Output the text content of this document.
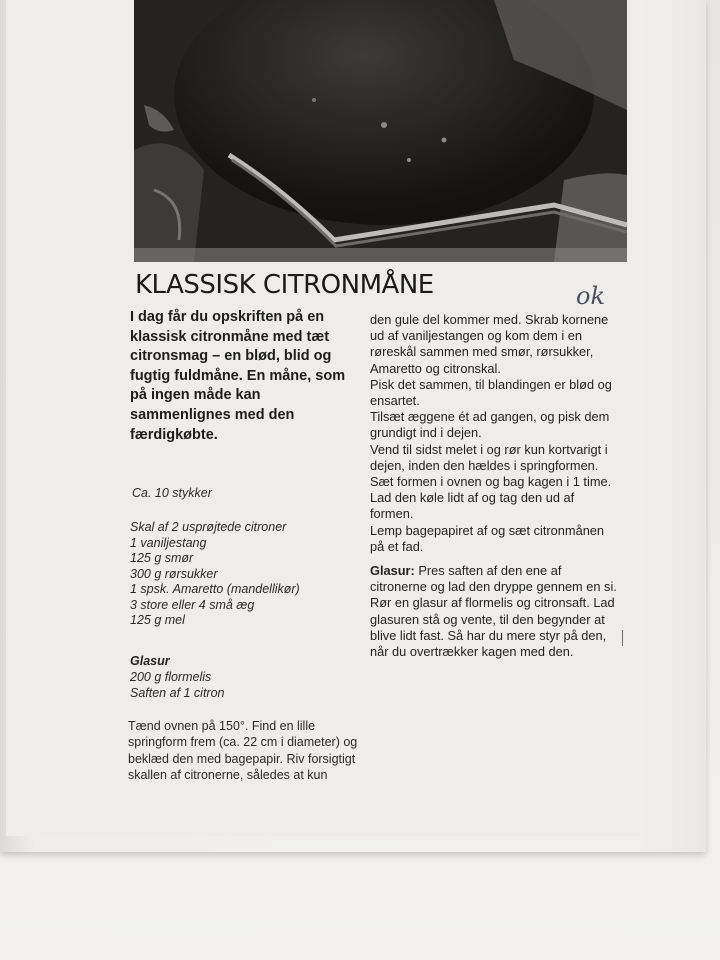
KLASSISK CITRONMÅNE
I dag får du opskriften på en klassisk citronmåne med tæt citronsmag – en blød, blid og fugtig fuldmåne. En måne, som på ingen måde kan sammenlignes med den færdigkøbte.
Ca. 10 stykker
Skal af 2 usprøjtede citroner
1 vaniljestang
125 g smør
300 g rørsukker
1 spsk. Amaretto (mandellikør)
3 store eller 4 små æg
125 g mel
Glasur
200 g flormelis
Saften af 1 citron
Tænd ovnen på 150°. Find en lille springform frem (ca. 22 cm i diameter) og beklæd den med bagepapir. Riv forsigtigt skallen af citronerne, således at kun

den gule del kommer med. Skrab kornene ud af vaniljestangen og kom dem i en røreskål sammen med smør, rørsukker, Amaretto og citronskal.

Pisk det sammen, til blandingen er blød og ensartet.

Tilsæt æggene ét ad gangen, og pisk dem grundigt ind i dejen.

Vend til sidst melet i og rør kun kortvarigt i dejen, inden den hældes i springformen.

Sæt formen i ovnen og bag kagen i 1 time. Lad den køle lidt af og tag den ud af formen.

Lemp bagepapiret af og sæt citronmånen på et fad.

Glasur: Pres saften af den ene af citronerne og lad den dryppe gennem en si.

Rør en glasur af flormelis og citronsaft. Lad glasuren stå og vente, til den begynder at blive lidt fast. Så har du mere styr på den, når du overtrækker kagen med den.

ok
